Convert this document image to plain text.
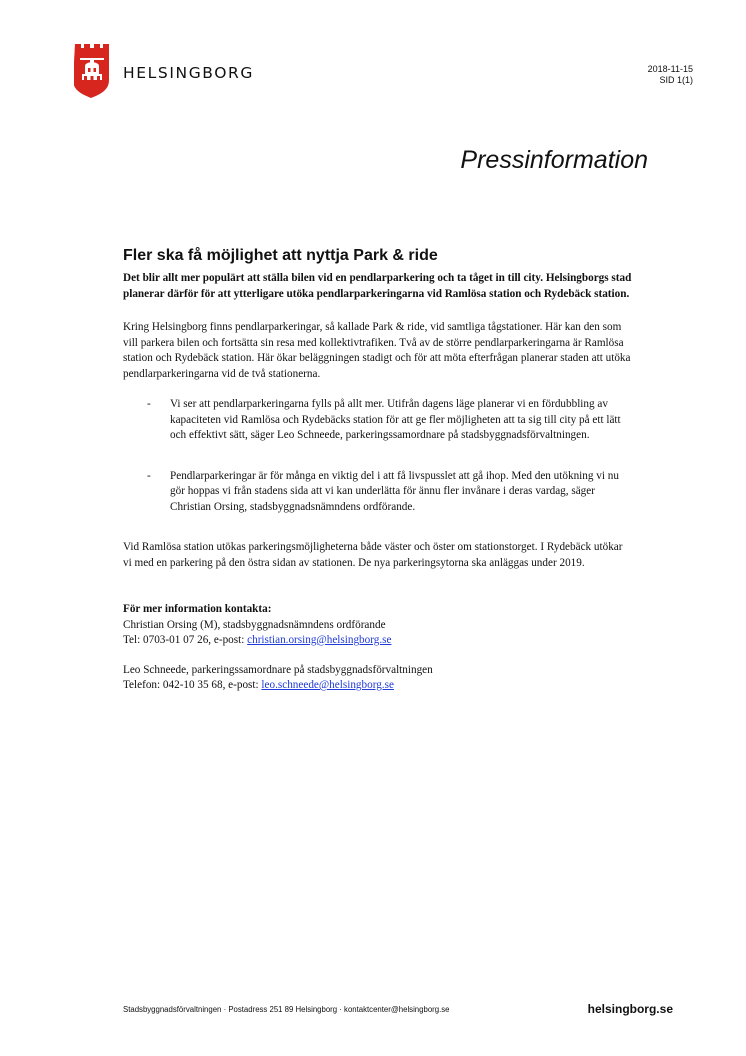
HELSINGBORG	2018-11-15
SID 1(1)
Pressinformation
Fler ska få möjlighet att nyttja Park & ride
Det blir allt mer populärt att ställa bilen vid en pendlarparkering och ta tåget in till city. Helsingborgs stad planerar därför för att ytterligare utöka pendlarparkeringarna vid Ramlösa station och Rydebäck station.

Kring Helsingborg finns pendlarparkeringar, så kallade Park & ride, vid samtliga tågstationer. Här kan den som vill parkera bilen och fortsätta sin resa med kollektivtrafiken. Två av de större pendlarparkeringarna är Ramlösa station och Rydebäck station. Här ökar beläggningen stadigt och för att möta efterfrågan planerar staden att utöka pendlarparkeringarna vid de två stationerna.

- Vi ser att pendlarparkeringarna fylls på allt mer. Utifrån dagens läge planerar vi en fördubbling av kapaciteten vid Ramlösa och Rydebäcks station för att ge fler möjligheten att ta sig till city på ett lätt och effektivt sätt, säger Leo Schneede, parkeringssamordnare på stadsbyggnadsförvaltningen.
- Pendlarparkeringar är för många en viktig del i att få livspusslet att gå ihop. Med den utökning vi nu gör hoppas vi från stadens sida att vi kan underlätta för ännu fler invånare i deras vardag, säger Christian Orsing, stadsbyggnadsnämndens ordförande.

Vid Ramlösa station utökas parkeringsmöjligheterna både väster och öster om stationstorget. I Rydebäck utökar vi med en parkering på den östra sidan av stationen. De nya parkeringsytorna ska anläggas under 2019.

För mer information kontakta:
Christian Orsing (M), stadsbyggnadsnämndens ordförande
Tel: 0703-01 07 26, e-post: christian.orsing@helsingborg.se
Leo Schneede, parkeringssamordnare på stadsbyggnadsförvaltningen
Telefon: 042-10 35 68, e-post: leo.schneede@helsingborg.se
Stadsbyggnadsförvaltningen · Postadress 251 89 Helsingborg · kontaktcenter@helsingborg.se	helsingborg.se
